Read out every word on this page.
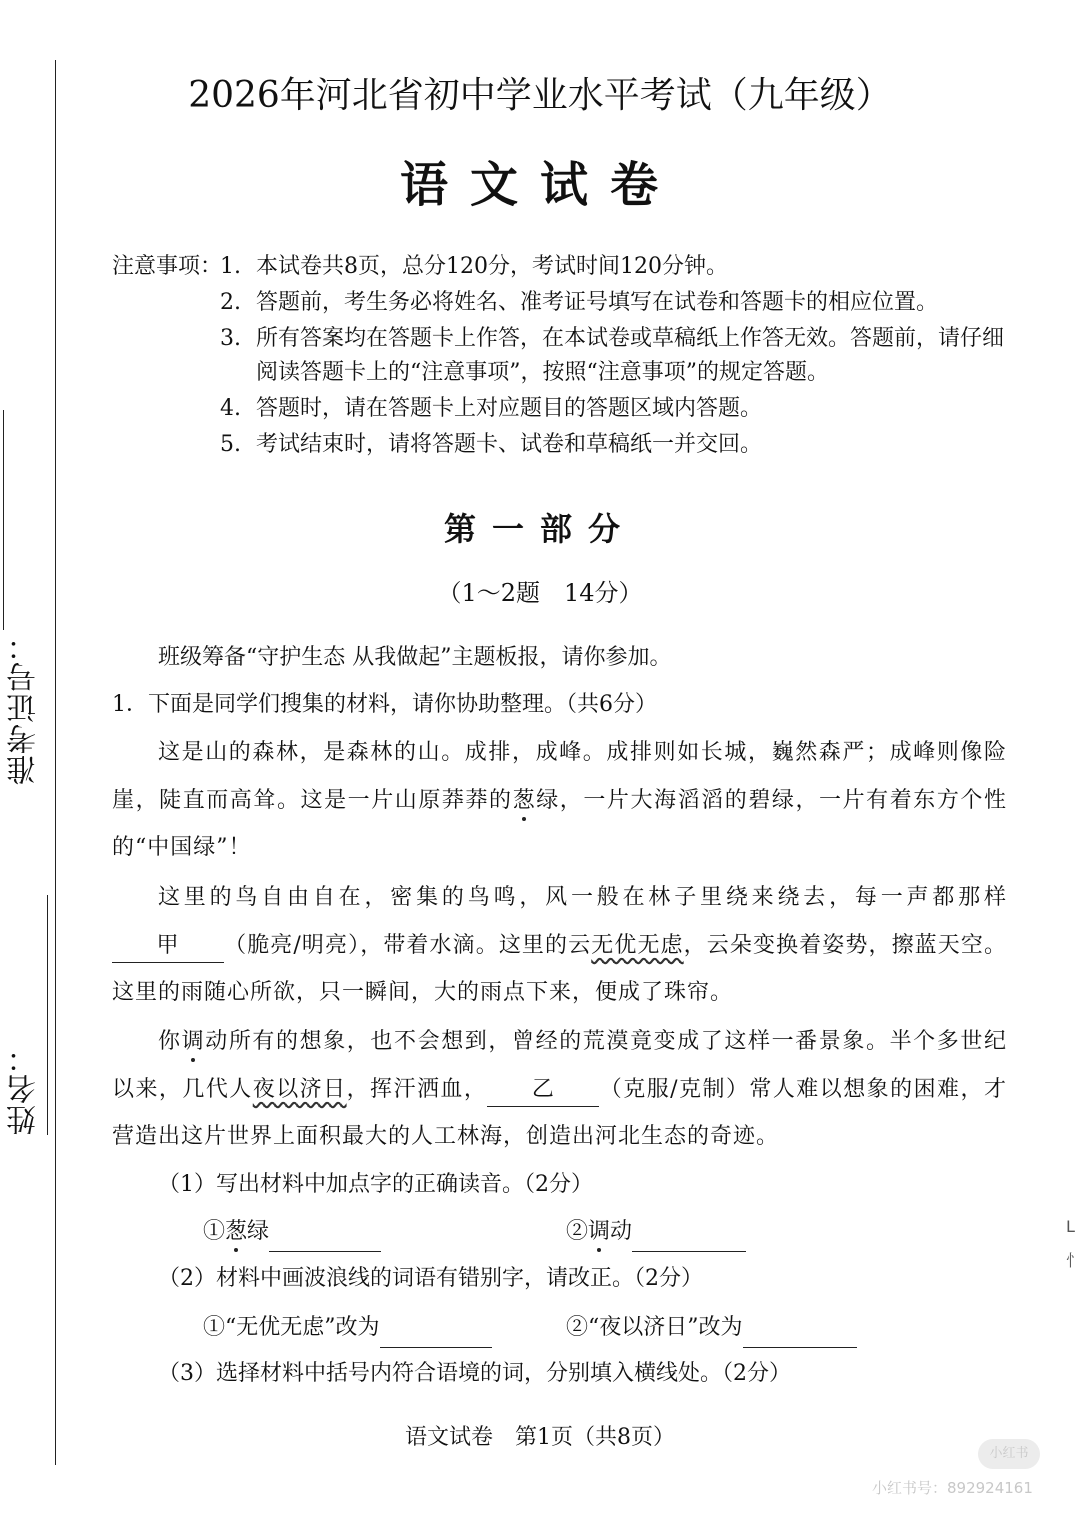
准考证号：
姓名：
2026年河北省初中学业水平考试（九年级）
语文试卷
注意事项：
1. 本试卷共8页，总分120分，考试时间120分钟。
2. 答题前，考生务必将姓名、准考证号填写在试卷和答题卡的相应位置。
3. 所有答案均在答题卡上作答，在本试卷或草稿纸上作答无效。答题前，请仔细阅读答题卡上的“注意事项”，按照“注意事项”的规定答题。
4. 答题时，请在答题卡上对应题目的答题区域内答题。
5. 考试结束时，请将答题卡、试卷和草稿纸一并交回。
第一部分
（1～2题　14分）
班级筹备“守护生态 从我做起”主题板报，请你参加。
1．下面是同学们搜集的材料，请你协助整理。（共6分）
这是山的森林，是森林的山。成排，成峰。成排则如长城，巍然森严；成峰则像险崖，陡直而高耸。这是一片山原莽莽的葱绿，一片大海滔滔的碧绿，一片有着东方个性的“中国绿”！
这里的鸟自由自在，密集的鸟鸣，风一般在林子里绕来绕去，每一声都那样甲 （脆亮/明亮），带着水滴。这里的云无优无虑，云朵变换着姿势，擦蓝天空。这里的雨随心所欲，只一瞬间，大的雨点下来，便成了珠帘。
你调动所有的想象，也不会想到，曾经的荒漠竟变成了这样一番景象。半个多世纪以来，几代人夜以济日，挥汗洒血， 乙 （克服/克制）常人难以想象的困难，才营造出这片世界上面积最大的人工林海，创造出河北生态的奇迹。
（1）写出材料中加点字的正确读音。（2分）
①葱绿	②调动
（2）材料中画波浪线的词语有错别字，请改正。（2分）
①“无优无虑”改为	②“夜以济日”改为
（3）选择材料中括号内符合语境的词，分别填入横线处。（2分）
语文试卷　第1页（共8页）
小红书
小红书号：892924161
L 忄
